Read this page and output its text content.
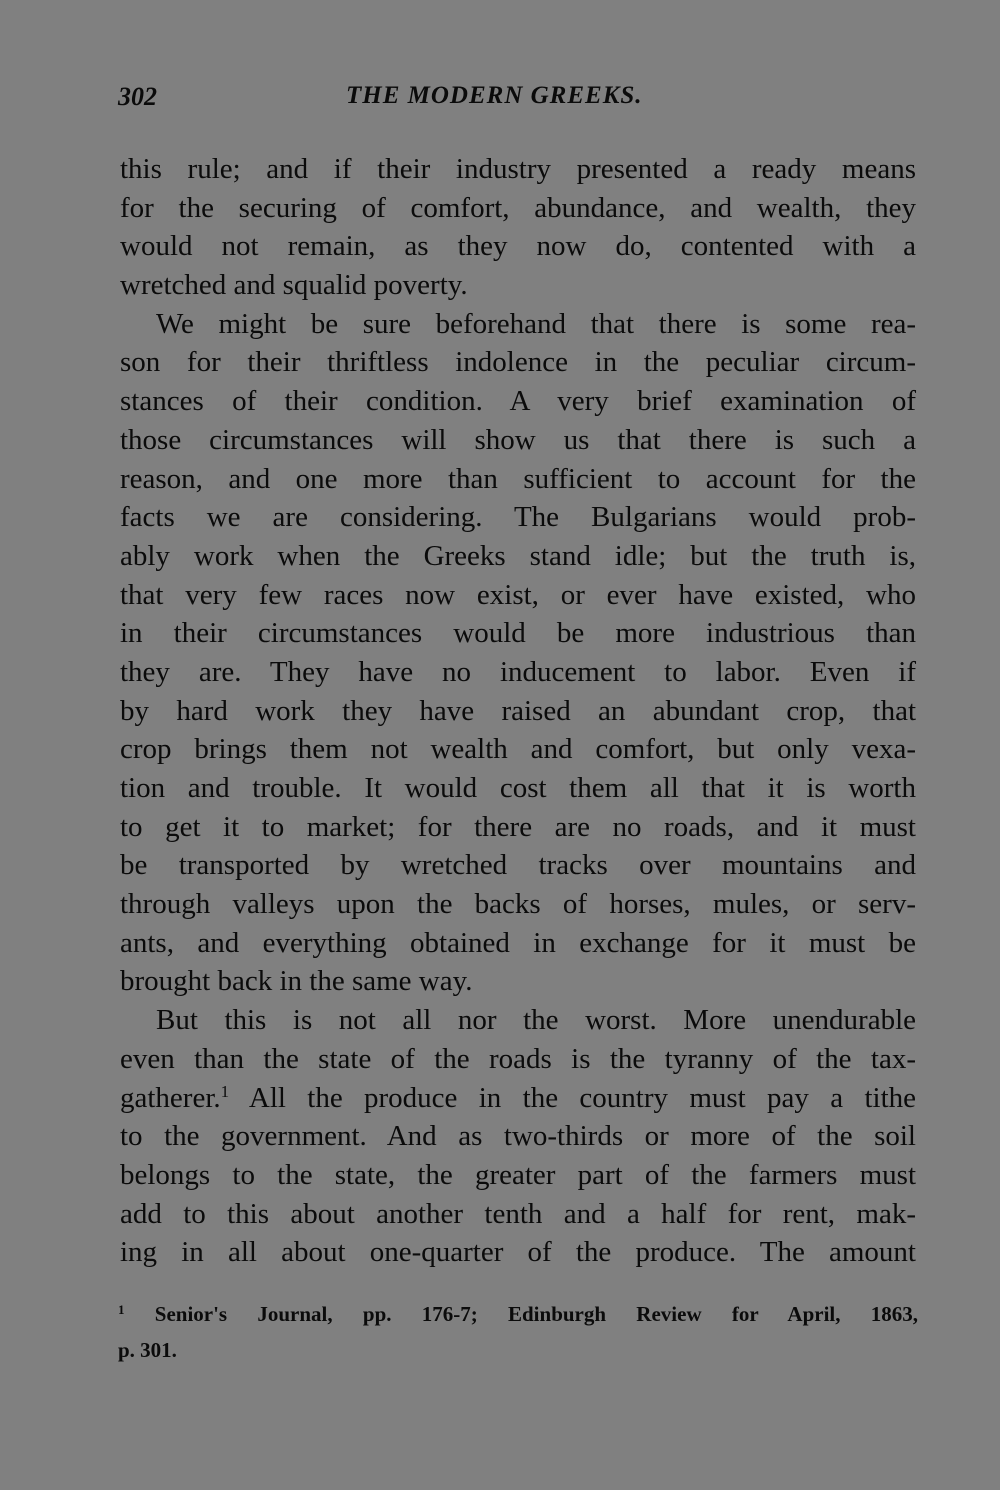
302	THE MODERN GREEKS.
this rule; and if their industry presented a ready means
for the securing of comfort, abundance, and wealth, they
would not remain, as they now do, contented with a
wretched and squalid poverty.
We might be sure beforehand that there is some rea-
son for their thriftless indolence in the peculiar circum-
stances of their condition. A very brief examination of
those circumstances will show us that there is such a
reason, and one more than sufficient to account for the
facts we are considering. The Bulgarians would prob-
ably work when the Greeks stand idle; but the truth is,
that very few races now exist, or ever have existed, who
in their circumstances would be more industrious than
they are. They have no inducement to labor. Even if
by hard work they have raised an abundant crop, that
crop brings them not wealth and comfort, but only vexa-
tion and trouble. It would cost them all that it is worth
to get it to market; for there are no roads, and it must
be transported by wretched tracks over mountains and
through valleys upon the backs of horses, mules, or serv-
ants, and everything obtained in exchange for it must be
brought back in the same way.
But this is not all nor the worst. More unendurable
even than the state of the roads is the tyranny of the tax-
gatherer.$^1$ All the produce in the country must pay a tithe
to the government. And as two-thirds or more of the soil
belongs to the state, the greater part of the farmers must
add to this about another tenth and a half for rent, mak-
ing in all about one-quarter of the produce. The amount
$^1$ Senior's Journal, pp. 176-7; Edinburgh Review for April, 1863,
p. 301.
